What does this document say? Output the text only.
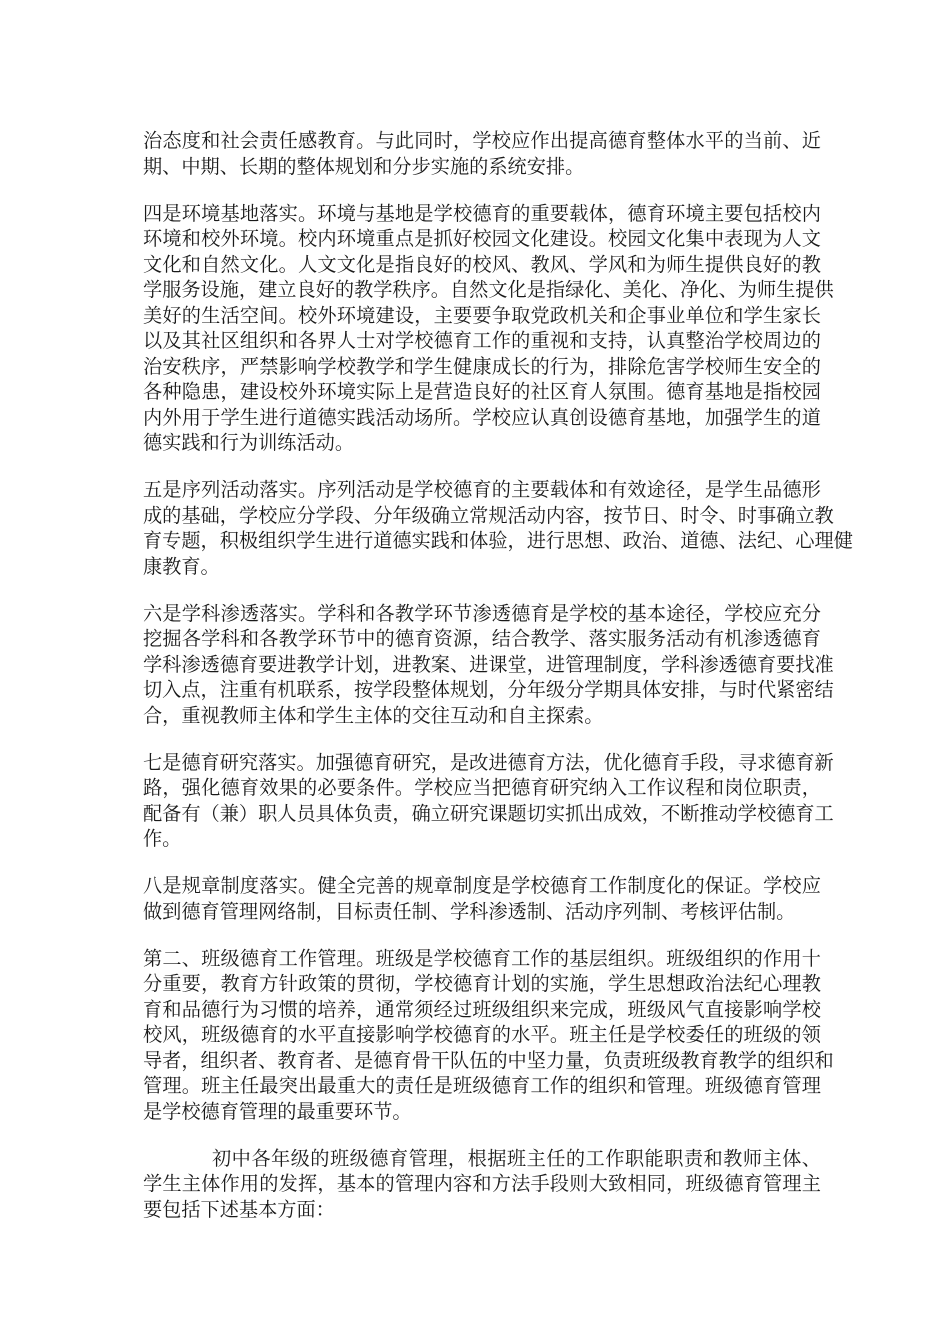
治态度和社会责任感教育。与此同时，学校应作出提高德育整体水平的当前、近
期、中期、长期的整体规划和分步实施的系统安排。
四是环境基地落实。环境与基地是学校德育的重要载体，德育环境主要包括校内
环境和校外环境。校内环境重点是抓好校园文化建设。校园文化集中表现为人文
文化和自然文化。人文文化是指良好的校风、教风、学风和为师生提供良好的教
学服务设施，建立良好的教学秩序。自然文化是指绿化、美化、净化、为师生提供
美好的生活空间。校外环境建设，主要要争取党政机关和企事业单位和学生家长
以及其社区组织和各界人士对学校德育工作的重视和支持，认真整治学校周边的
治安秩序，严禁影响学校教学和学生健康成长的行为，排除危害学校师生安全的
各种隐患，建设校外环境实际上是营造良好的社区育人氛围。德育基地是指校园
内外用于学生进行道德实践活动场所。学校应认真创设德育基地，加强学生的道
德实践和行为训练活动。
五是序列活动落实。序列活动是学校德育的主要载体和有效途径，是学生品德形
成的基础，学校应分学段、分年级确立常规活动内容，按节日、时令、时事确立教
育专题，积极组织学生进行道德实践和体验，进行思想、政治、道德、法纪、心理健
康教育。
六是学科渗透落实。学科和各教学环节渗透德育是学校的基本途径，学校应充分
挖掘各学科和各教学环节中的德育资源，结合教学、落实服务活动有机渗透德育
学科渗透德育要进教学计划，进教案、进课堂，进管理制度，学科渗透德育要找准
切入点，注重有机联系，按学段整体规划，分年级分学期具体安排，与时代紧密结
合，重视教师主体和学生主体的交往互动和自主探索。
七是德育研究落实。加强德育研究，是改进德育方法，优化德育手段，寻求德育新
路，强化德育效果的必要条件。学校应当把德育研究纳入工作议程和岗位职责，
配备有（兼）职人员具体负责，确立研究课题切实抓出成效，不断推动学校德育工
作。
八是规章制度落实。健全完善的规章制度是学校德育工作制度化的保证。学校应
做到德育管理网络制，目标责任制、学科渗透制、活动序列制、考核评估制。
第二、班级德育工作管理。班级是学校德育工作的基层组织。班级组织的作用十
分重要，教育方针政策的贯彻，学校德育计划的实施，学生思想政治法纪心理教
育和品德行为习惯的培养，通常须经过班级组织来完成，班级风气直接影响学校
校风，班级德育的水平直接影响学校德育的水平。班主任是学校委任的班级的领
导者，组织者、教育者、是德育骨干队伍的中坚力量，负责班级教育教学的组织和
管理。班主任最突出最重大的责任是班级德育工作的组织和管理。班级德育管理
是学校德育管理的最重要环节。
初中各年级的班级德育管理，根据班主任的工作职能职责和教师主体、
学生主体作用的发挥，基本的管理内容和方法手段则大致相同，班级德育管理主
要包括下述基本方面：
